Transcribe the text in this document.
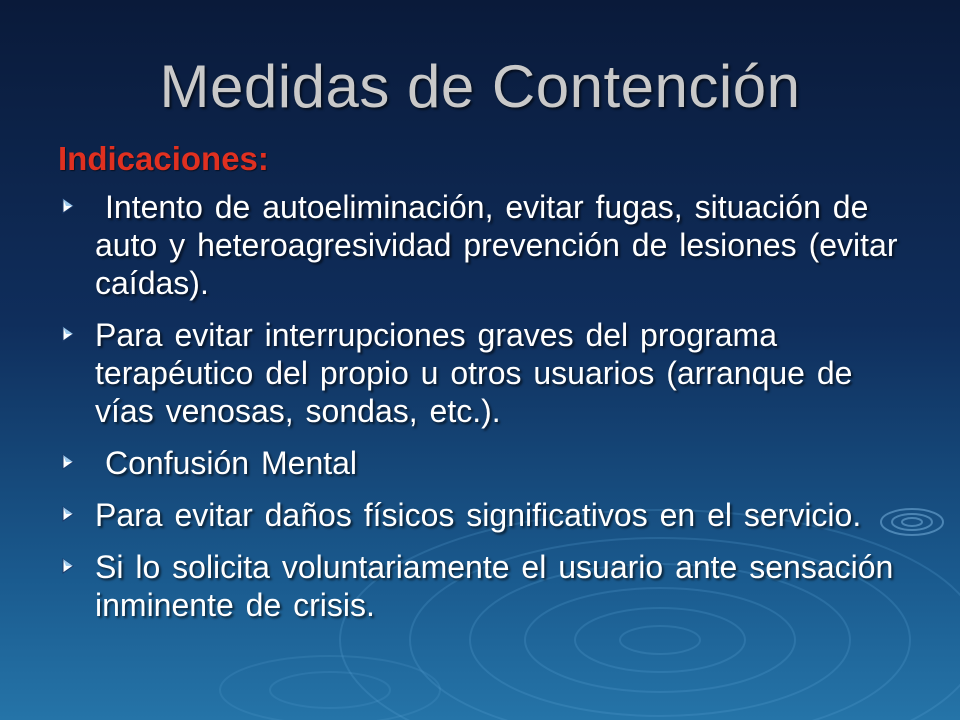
Medidas de Contención
Indicaciones:
Intento de autoeliminación, evitar fugas, situación de auto y heteroagresividad prevención de lesiones (evitar caídas).
Para evitar interrupciones graves del programa terapéutico del propio u otros usuarios (arranque de vías venosas, sondas, etc.).
Confusión Mental
Para evitar daños físicos significativos en el servicio.
Si lo solicita voluntariamente el usuario ante sensación inminente de crisis.
